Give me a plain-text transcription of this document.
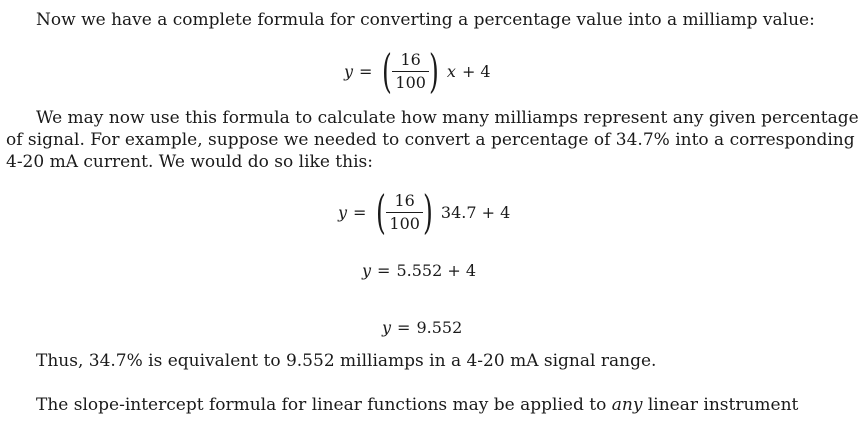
Now we have a complete formula for converting a percentage value into a milliamp value:
y = ( $\frac{16}{100}$ ) x + 4
We may now use this formula to calculate how many milliamps represent any given percentage
of signal. For example, suppose we needed to convert a percentage of 34.7% into a corresponding
4-20 mA current. We would do so like this:
y = ( $\frac{16}{100}$ ) 34.7 + 4
y = 5.552 + 4
y = 9.552
Thus, 34.7% is equivalent to 9.552 milliamps in a 4-20 mA signal range.
The slope-intercept formula for linear functions may be applied to any linear instrument
